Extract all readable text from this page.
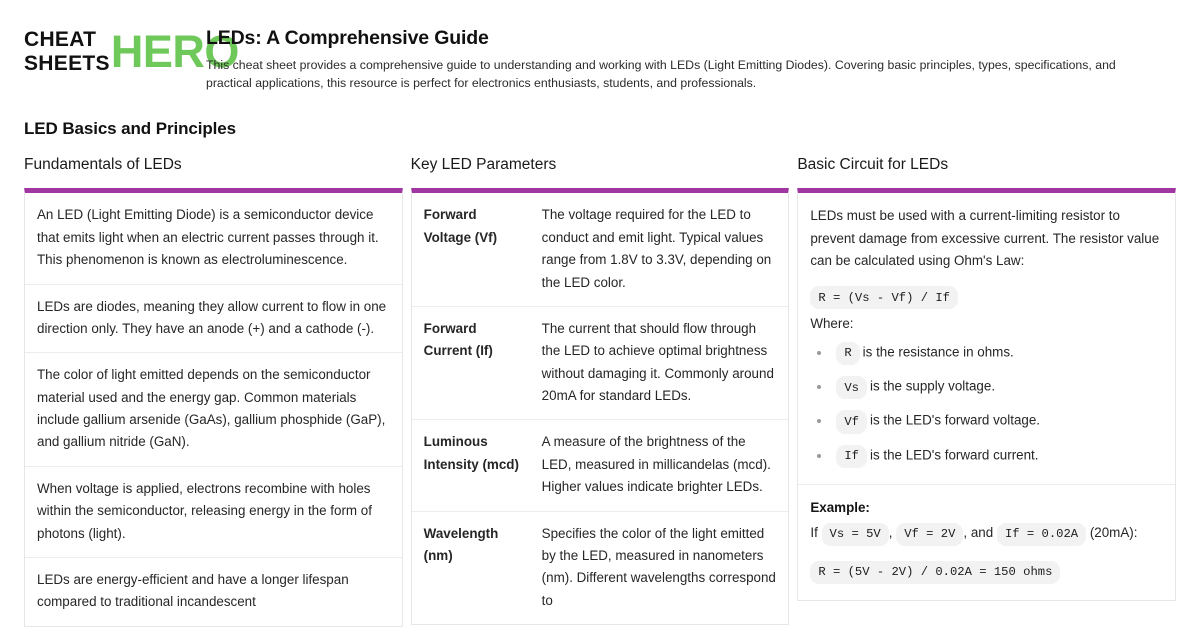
CHEAT
SHEETS HERO
LEDs: A Comprehensive Guide
This cheat sheet provides a comprehensive guide to understanding and working with LEDs (Light Emitting Diodes). Covering basic principles, types, specifications, and practical applications, this resource is perfect for electronics enthusiasts, students, and professionals.
LED Basics and Principles
Fundamentals of LEDs
An LED (Light Emitting Diode) is a semiconductor device that emits light when an electric current passes through it. This phenomenon is known as electroluminescence.
LEDs are diodes, meaning they allow current to flow in one direction only. They have an anode (+) and a cathode (-).
The color of light emitted depends on the semiconductor material used and the energy gap. Common materials include gallium arsenide (GaAs), gallium phosphide (GaP), and gallium nitride (GaN).
When voltage is applied, electrons recombine with holes within the semiconductor, releasing energy in the form of photons (light).
LEDs are energy-efficient and have a longer lifespan compared to traditional incandescent
Key LED Parameters
Forward Voltage (Vf)	The voltage required for the LED to conduct and emit light. Typical values range from 1.8V to 3.3V, depending on the LED color.
Forward Current (If)	The current that should flow through the LED to achieve optimal brightness without damaging it. Commonly around 20mA for standard LEDs.
Luminous Intensity (mcd)	A measure of the brightness of the LED, measured in millicandelas (mcd). Higher values indicate brighter LEDs.
Wavelength (nm)	Specifies the color of the light emitted by the LED, measured in nanometers (nm). Different wavelengths correspond to
Basic Circuit for LEDs

LEDs must be used with a current-limiting resistor to prevent damage from excessive current. The resistor value can be calculated using Ohm's Law:

R = (Vs - Vf) / If

Where:

R is the resistance in ohms.
Vs is the supply voltage.
Vf is the LED's forward voltage.
If is the LED's forward current.
Example:

If Vs = 5V , Vf = 2V , and If = 0.02A (20mA):

R = (5V - 2V) / 0.02A = 150 ohms
